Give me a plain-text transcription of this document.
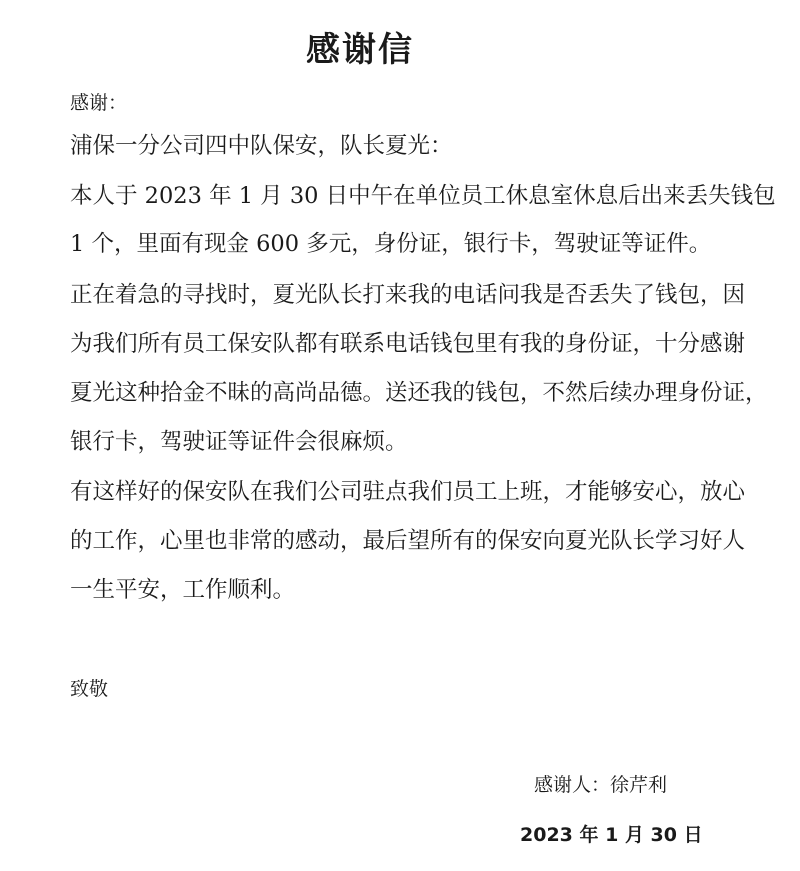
感谢信
感谢：
浦保一分公司四中队保安，队长夏光：
本人于 2023 年 1 月 30 日中午在单位员工休息室休息后出来丢失钱包
1 个，里面有现金 600 多元，身份证，银行卡，驾驶证等证件。
正在着急的寻找时，夏光队长打来我的电话问我是否丢失了钱包，因
为我们所有员工保安队都有联系电话钱包里有我的身份证，十分感谢
夏光这种拾金不昧的高尚品德。送还我的钱包，不然后续办理身份证，
银行卡，驾驶证等证件会很麻烦。
有这样好的保安队在我们公司驻点我们员工上班，才能够安心，放心
的工作，心里也非常的感动，最后望所有的保安向夏光队长学习好人
一生平安，工作顺利。
致敬
感谢人：徐芹利
2023 年 1 月 30 日
